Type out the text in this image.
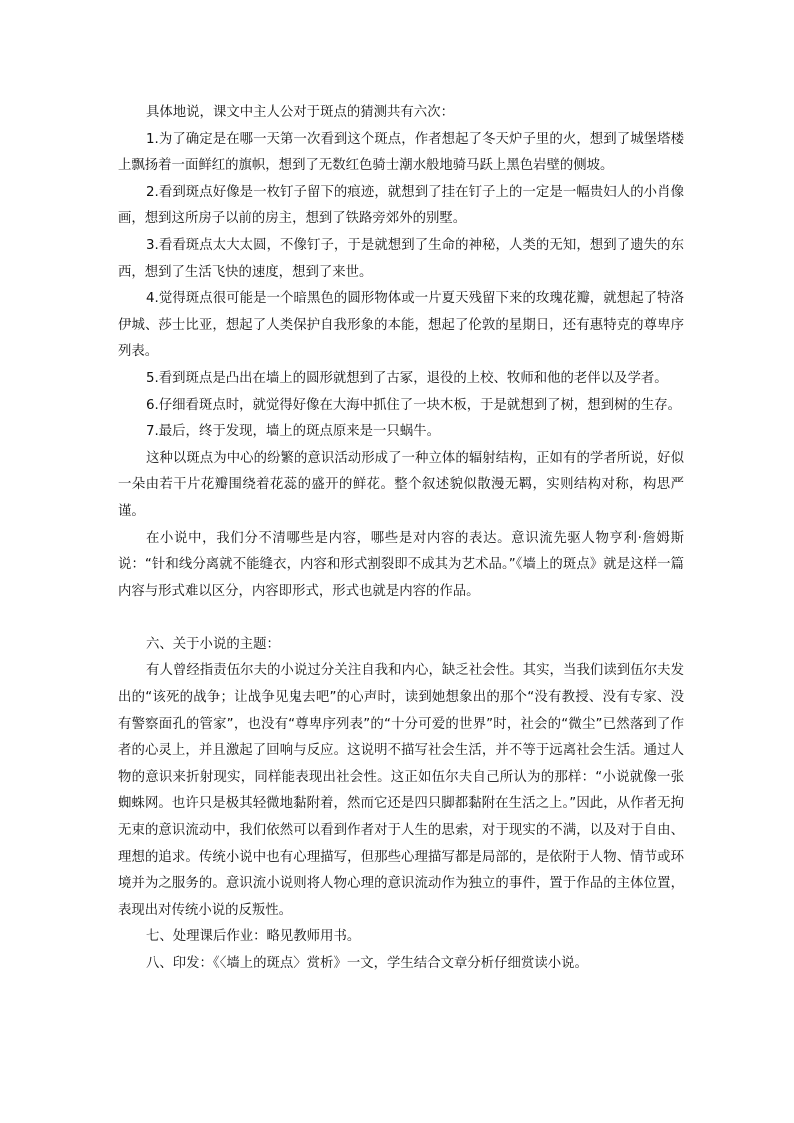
具体地说，课文中主人公对于斑点的猜测共有六次：

1.为了确定是在哪一天第一次看到这个斑点，作者想起了冬天炉子里的火，想到了城堡塔楼上飘扬着一面鲜红的旗帜，想到了无数红色骑士潮水般地骑马跃上黑色岩壁的侧坡。

2.看到斑点好像是一枚钉子留下的痕迹，就想到了挂在钉子上的一定是一幅贵妇人的小肖像画，想到这所房子以前的房主，想到了铁路旁郊外的别墅。

3.看看斑点太大太圆，不像钉子，于是就想到了生命的神秘，人类的无知，想到了遗失的东西，想到了生活飞快的速度，想到了来世。

4.觉得斑点很可能是一个暗黑色的圆形物体或一片夏天残留下来的玫瑰花瓣，就想起了特洛伊城、莎士比亚，想起了人类保护自我形象的本能，想起了伦敦的星期日，还有惠特克的尊卑序列表。

5.看到斑点是凸出在墙上的圆形就想到了古冢，退役的上校、牧师和他的老伴以及学者。

6.仔细看斑点时，就觉得好像在大海中抓住了一块木板，于是就想到了树，想到树的生存。

7.最后，终于发现，墙上的斑点原来是一只蜗牛。

这种以斑点为中心的纷繁的意识活动形成了一种立体的辐射结构，正如有的学者所说，好似一朵由若干片花瓣围绕着花蕊的盛开的鲜花。整个叙述貌似散漫无羁，实则结构对称，构思严谨。

在小说中，我们分不清哪些是内容，哪些是对内容的表达。意识流先驱人物亨利·詹姆斯说：“针和线分离就不能缝衣，内容和形式割裂即不成其为艺术品。”《墙上的斑点》就是这样一篇内容与形式难以区分，内容即形式，形式也就是内容的作品。

六、关于小说的主题：

有人曾经指责伍尔夫的小说过分关注自我和内心，缺乏社会性。其实，当我们读到伍尔夫发出的“该死的战争；让战争见鬼去吧”的心声时，读到她想象出的那个“没有教授、没有专家、没有警察面孔的管家”，也没有“尊卑序列表”的“十分可爱的世界”时，社会的“微尘”已然落到了作者的心灵上，并且激起了回响与反应。这说明不描写社会生活，并不等于远离社会生活。通过人物的意识来折射现实，同样能表现出社会性。这正如伍尔夫自己所认为的那样：“小说就像一张蜘蛛网。也许只是极其轻微地黏附着，然而它还是四只脚都黏附在生活之上。”因此，从作者无拘无束的意识流动中，我们依然可以看到作者对于人生的思索，对于现实的不满，以及对于自由、理想的追求。传统小说中也有心理描写，但那些心理描写都是局部的，是依附于人物、情节或环境并为之服务的。意识流小说则将人物心理的意识流动作为独立的事件，置于作品的主体位置，表现出对传统小说的反叛性。

七、处理课后作业：略见教师用书。

八、印发：《〈墙上的斑点〉赏析》一文，学生结合文章分析仔细赏读小说。
